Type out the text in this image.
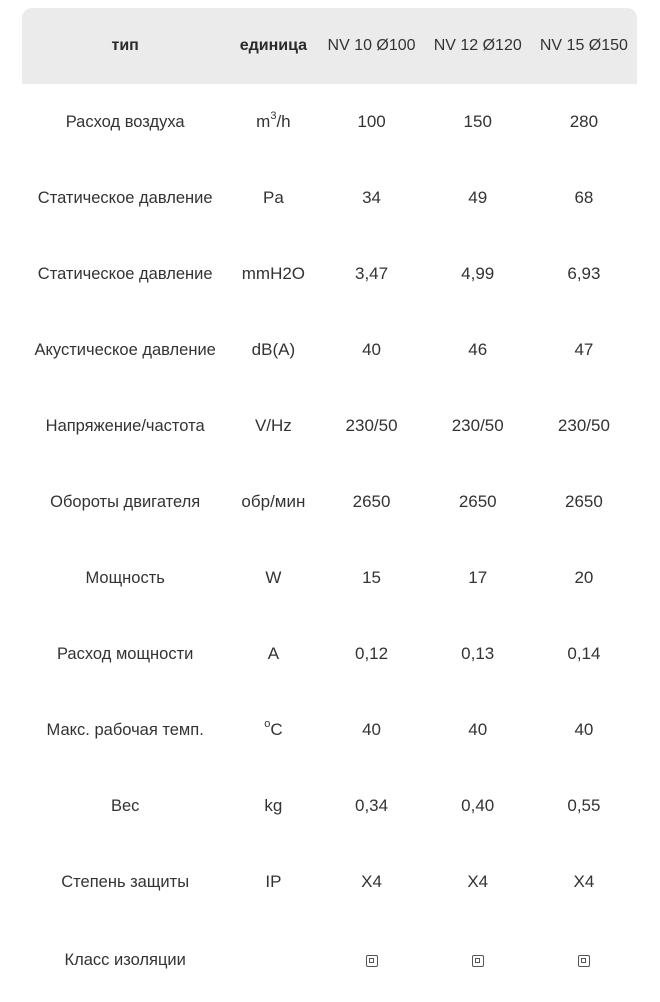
тип	единица	NV 10 Ø100	NV 12 Ø120	NV 15 Ø150
Расход воздуха	$m^3/h$	100	150	280
Статическое давление	Pa	34	49	68
Статическое давление	mmH2O	3,47	4,99	6,93
Акустическое давление	dB(A)	40	46	47
Напряжение/частота	V/Hz	230/50	230/50	230/50
Обороты двигателя	обр/мин	2650	2650	2650
Мощность	W	15	17	20
Расход мощности	A	0,12	0,13	0,14
Макс. рабочая темп.	$^o$C	40	40	40
Вес	kg	0,34	0,40	0,55
Степень защиты	IP	X4	X4	X4
Класс изоляции				
